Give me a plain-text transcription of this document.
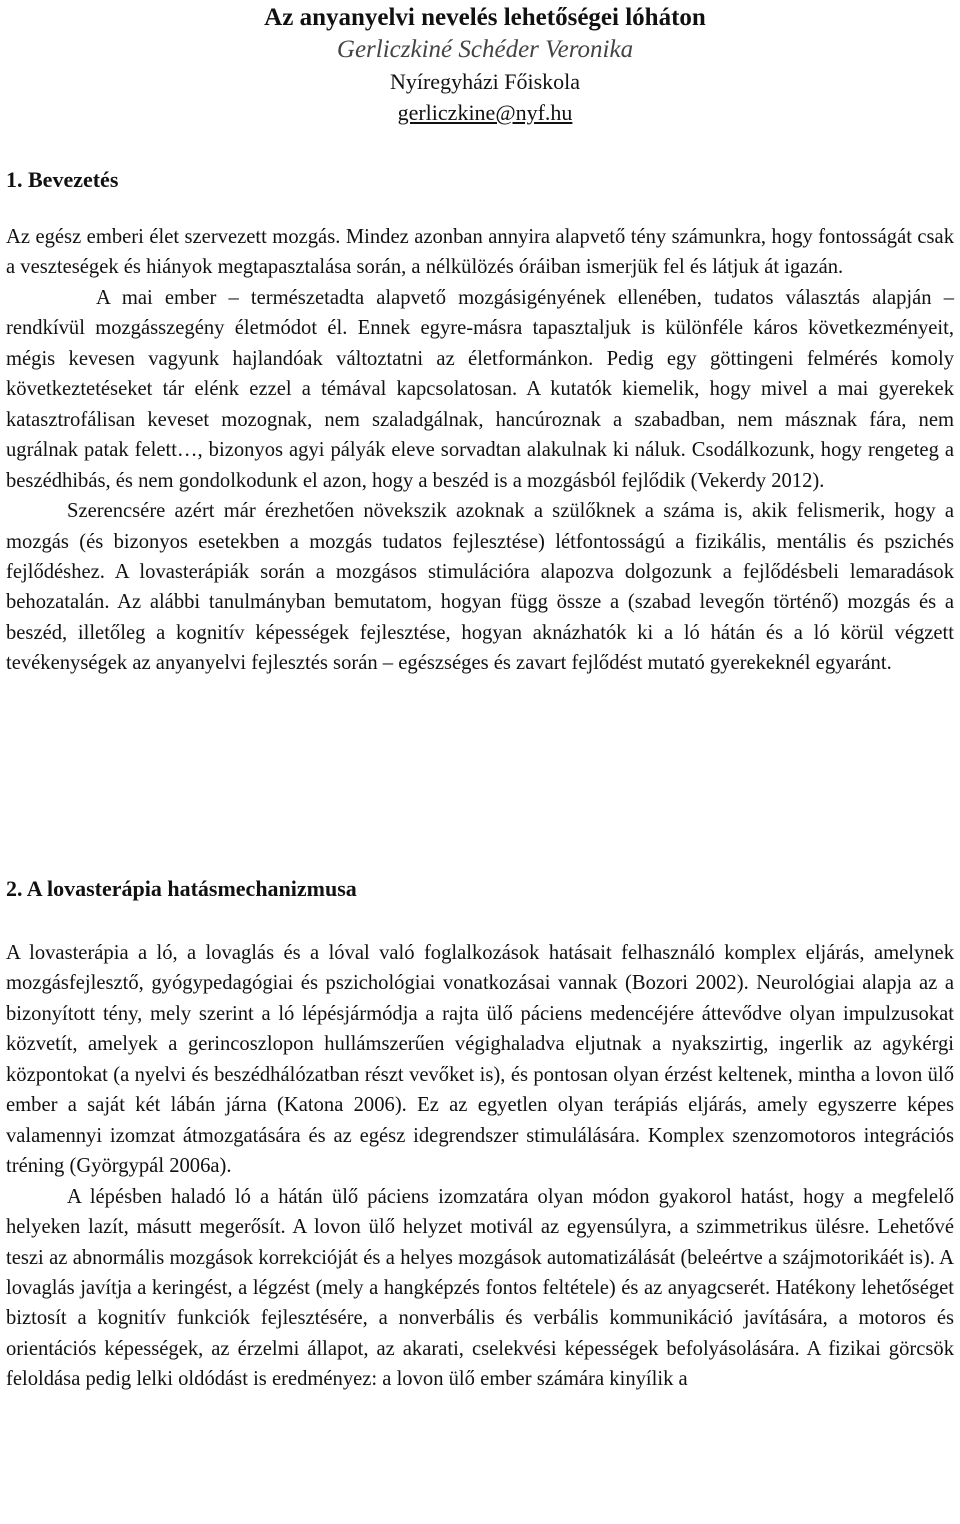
Az anyanyelvi nevelés lehetőségei lóháton
Gerliczkiné Schéder Veronika
Nyíregyházi Főiskola
gerliczkine@nyf.hu
1. Bevezetés

Az egész emberi élet szervezett mozgás. Mindez azonban annyira alapvető tény számunkra, hogy fontosságát csak a veszteségek és hiányok megtapasztalása során, a nélkülözés óráiban ismerjük fel és látjuk át igazán.

A mai ember – természetadta alapvető mozgásigényének ellenében, tudatos választás alapján – rendkívül mozgásszegény életmódot él. Ennek egyre-másra tapasztaljuk is különféle káros következményeit, mégis kevesen vagyunk hajlandóak változtatni az életformánkon. Pedig egy göttingeni felmérés komoly következtetéseket tár elénk ezzel a témával kapcsolatosan. A kutatók kiemelik, hogy mivel a mai gyerekek katasztrofálisan keveset mozognak, nem szaladgálnak, hancúroznak a szabadban, nem másznak fára, nem ugrálnak patak felett…, bizonyos agyi pályák eleve sorvadtan alakulnak ki náluk. Csodálkozunk, hogy rengeteg a beszédhibás, és nem gondolkodunk el azon, hogy a beszéd is a mozgásból fejlődik (Vekerdy 2012).

Szerencsére azért már érezhetően növekszik azoknak a szülőknek a száma is, akik felismerik, hogy a mozgás (és bizonyos esetekben a mozgás tudatos fejlesztése) létfontosságú a fizikális, mentális és pszichés fejlődéshez. A lovasterápiák során a mozgásos stimulációra alapozva dolgozunk a fejlődésbeli lemaradások behozatalán. Az alábbi tanulmányban bemutatom, hogyan függ össze a (szabad levegőn történő) mozgás és a beszéd, illetőleg a kognitív képességek fejlesztése, hogyan aknázhatók ki a ló hátán és a ló körül végzett tevékenységek az anyanyelvi fejlesztés során – egészséges és zavart fejlődést mutató gyerekeknél egyaránt.

2. A lovasterápia hatásmechanizmusa

A lovasterápia a ló, a lovaglás és a lóval való foglalkozások hatásait felhasználó komplex eljárás, amelynek mozgásfejlesztő, gyógypedagógiai és pszichológiai vonatkozásai vannak (Bozori 2002). Neurológiai alapja az a bizonyított tény, mely szerint a ló lépésjármódja a rajta ülő páciens medencéjére áttevődve olyan impulzusokat közvetít, amelyek a gerincoszlopon hullámszerűen végighaladva eljutnak a nyakszirtig, ingerlik az agykérgi központokat (a nyelvi és beszédhálózatban részt vevőket is), és pontosan olyan érzést keltenek, mintha a lovon ülő ember a saját két lábán járna (Katona 2006). Ez az egyetlen olyan terápiás eljárás, amely egyszerre képes valamennyi izomzat átmozgatására és az egész idegrendszer stimulálására. Komplex szenzomotoros integrációs tréning (Györgypál 2006a).

A lépésben haladó ló a hátán ülő páciens izomzatára olyan módon gyakorol hatást, hogy a megfelelő helyeken lazít, másutt megerősít. A lovon ülő helyzet motivál az egyensúlyra, a szimmetrikus ülésre. Lehetővé teszi az abnormális mozgások korrekcióját és a helyes mozgások automatizálását (beleértve a szájmotorikáét is). A lovaglás javítja a keringést, a légzést (mely a hangképzés fontos feltétele) és az anyagcserét. Hatékony lehetőséget biztosít a kognitív funkciók fejlesztésére, a nonverbális és verbális kommunikáció javítására, a motoros és orientációs képességek, az érzelmi állapot, az akarati, cselekvési képességek befolyásolására. A fizikai görcsök feloldása pedig lelki oldódást is eredményez: a lovon ülő ember számára kinyílik a
